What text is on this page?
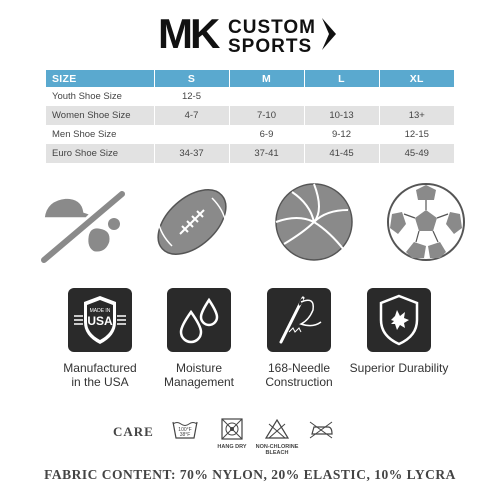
MK CUSTOM
SPORTS
SIZE	S	M	L	XL
Youth Shoe Size	12-5			
Women Shoe Size	4-7	7-10	10-13	13+
Men Shoe Size		6-9	9-12	12-15
Euro Shoe Size	34-37	37-41	41-45	45-49
MADE IN
USA
Manufactured
in the USA
Moisture
Management
168-Needle
Construction
Superior Durability
CARE	100°F
38°F
HANG DRY	NON-CHLORINE
BLEACH
FABRIC CONTENT: 70% NYLON, 20% ELASTIC, 10% LYCRA
